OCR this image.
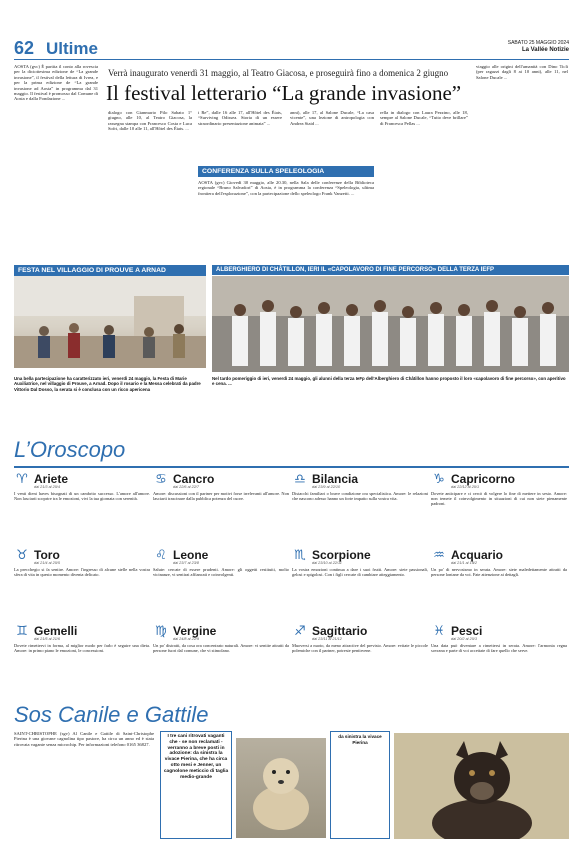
62 Ultime	SABATO 25 MAGGIO 2024
La Vallée Notizie
Verrà inaugurato venerdì 31 maggio, al Teatro Giacosa, e proseguirà fino a domenica 2 giugno
Il festival letterario “La grande invasione”
AOSTA (gvc) È partita il conto alla rovescia per la diciottesima edizione de “La grande invasione”, il festival della lettura di Ivrea, e per la prima edizione de “La grande invasione ad Aosta” in programma dal 31 maggio. Il festival è promosso dal Comune di Aosta e dalla Fondazione ...
dialogo con Gianmario Pilo Sabato 1° giugno, alle 10, al Teatro Giacosa, la rassegna stampa con Francesco Costa e Luca Sofri, dalle 10 alle 11, all'Hôtel des États. ...
i Re”, dalle 16 alle 17, all'Hôtel des États, “Surviving Odissea. Storia di un essere straordinario presentazione animata” ...
anni), alle 17, al Salone Ducale, “La casa vicente”, una lezione di antropologia con Andrea Staid ...
rella in dialogo con Laura Pezzino, alle 18, sempre al Salone Ducale, “Tutto deve brillare” di Francesca Pellas ...
viaggio alle origini dell'umanità con Dino Ticli (per ragazzi dagli 8 ai 10 anni), alle 11, nel Salone Ducale ...
CONFERENZA SULLA SPELEOLOGIA
AOSTA (gvc) Giovedì 30 maggio, alle 20.30, nella Sala delle conferenze della Biblioteca regionale “Bruno Salvadori” di Aosta, è in programma la conferenza “Speleologia, ultima frontiera dell'esplorazione”, con la partecipazione dello speleologo Frank Vanzetti. ...
FESTA NEL VILLAGGIO DI PROUVE A ARNAD	ALBERGHIERO DI CHÂTILLON, IERI IL «CAPOLAVORO DI FINE PERCORSO» DELLA TERZA IEFP
Una bella partecipazione ha caratterizzato ieri, venerdì 24 maggio, la Festa di Marie Auxiliatrice, nel villaggio di Prouve, a Arnad. Dopo il rosario e la Messa celebrati da padre Vittorio Dal Dosso, la serata si è conclusa con un ricco apericena
Nel tardo pomeriggio di ieri, venerdì 24 maggio, gli alunni della terza IeFp dell'Alberghiero di Châtillon hanno proposto il loro «capolavoro di fine percorso», con aperitivo e cena. ...
L’Oroscopo
♈ Ariete
dal 21/3 al 20/4
I venti dieni haves bisognati di un cambrito successo. L'amore all'amore. Non lasciarti scoprire tra le emozioni, vivi la tua giornata con serenità.
♋ Cancro
dal 22/6 al 22/7
Amore: discussioni con il partner per motivi forse irrelevanti all'amore. Non lasciarti trascinare dalla pubblica potenza del cuore.
♎ Bilancia
dal 23/9 al 22/10
Distacchi familiari o brave condizione ora specialistica. Amore: le relazioni che nascono adesso hanno un forte impatto sulla vostra vita.
♑ Capricorno
dal 22/12 al 20/1
Dovete anticipare e ci cercò di volgere lo fine di mettere in sesto. Amore: non temete il coinvolgimento in situazioni di cui non siete pienamente padroni.
♉ Toro
dal 21/4 al 20/5
La precchegio si fa sentire. Amore: l'ingresso di alcune stelle nella vostra sfera di vita in questo momento diventa delicato.
♌ Leone
dal 23/7 al 23/8
Salute: cercate di essere prudenti. Amore: gli oggetti restituiti, molto vicinanze, vi sentirai affiancati e coinvolgenti.
♏ Scorpione
dal 23/10 al 22/11
La vostra emozioni continua a dare i suoi frutti. Amore: siete passionali, gelosi e spigolosi. Con i figli cercate di cambiare atteggiamento.
♒ Acquario
dal 21/1 al 19/2
Un po' di nervosismo in serata. Amore: siete maledettamente attratti da persone lontane da voi. Fate attenzione ai dettagli.
♊ Gemelli
dal 21/5 al 21/6
Dovete rimettervi in forma, al miglior modo per farlo è seguire una dieta. Amore: in primo piano le emozioni, le concessioni.
♍ Vergine
dal 24/8 al 22/9
Un po' distratti, da cosa ora concentrato naturali. Amore: vi sentite attratti da persone fuori dal comune, che vi stimolano.
♐ Sagittario
dal 23/11 al 21/12
Muoversi a nuoto, da meno attractive del previsto. Amore: evitate le piccole polemiche con il partner, potreste pentirvene.
♓ Pesci
dal 20/2 al 20/3
Una data può diventare a rimettersi in serata. Amore: l'armonia regna sovrana e parte di voi accettate di fare quello che serve.
Sos Canile e Gattile
SAINT-CHRISTOPHE (sgv) Al Canile e Gattile di Saint-Christophe Pierina è una giovane cagnolina tipo pastore, ha circa un anno ed è stata ritrovata vagante senza microchip. Per informazioni telefono 0165 36827.
I tre cani ritrovati vaganti che - se non reclamati - verranno a breve posti in adozione: da sinistra la vivace Pierina, che ha circa otto mesi e Jenner, un cagnolone meticcio di taglia medio-grande
da sinistra la vivace Pierina
